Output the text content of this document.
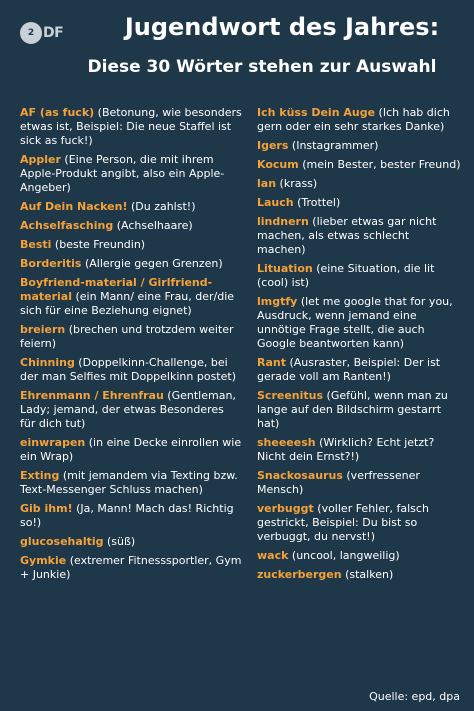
2 DF	Jugendwort des Jahres:
Diese 30 Wörter stehen zur Auswahl

AF (as fuck) (Betonung, wie besonders etwas ist, Beispiel: Die neue Staffel ist sick as fuck!)

Appler (Eine Person, die mit ihrem Apple-Produkt angibt, also ein Apple-Angeber)

Auf Dein Nacken! (Du zahlst!)

Achselfasching (Achselhaare)

Besti (beste Freundin)

Borderitis (Allergie gegen Grenzen)

Boyfriend-material / Girlfriend-material (ein Mann/ eine Frau, der/die sich für eine Beziehung eignet)

breiern (brechen und trotzdem weiter feiern)

Chinning (Doppelkinn-Challenge, bei der man Selfies mit Doppelkinn postet)

Ehrenmann / Ehrenfrau (Gentleman, Lady; jemand, der etwas Besonderes für dich tut)

einwrapen (in eine Decke einrollen wie ein Wrap)

Exting (mit jemandem via Texting bzw. Text-Messenger Schluss machen)

Gib ihm! (Ja, Mann! Mach das! Richtig so!)

glucosehaltig (süß)

Gymkie (extremer Fitnesssportler, Gym + Junkie)

Ich küss Dein Auge (Ich hab dich gern oder ein sehr starkes Danke)

Igers (Instagrammer)

Kocum (mein Bester, bester Freund)

lan (krass)

Lauch (Trottel)

lindnern (lieber etwas gar nicht machen, als etwas schlecht machen)

Lituation (eine Situation, die lit (cool) ist)

lmgtfy (let me google that for you, Ausdruck, wenn jemand eine unnötige Frage stellt, die auch Google beantworten kann)

Rant (Ausraster, Beispiel: Der ist gerade voll am Ranten!)

Screenitus (Gefühl, wenn man zu lange auf den Bildschirm gestarrt hat)

sheeeesh (Wirklich? Echt jetzt? Nicht dein Ernst?!)

Snackosaurus (verfressener Mensch)

verbuggt (voller Fehler, falsch gestrickt, Beispiel: Du bist so verbuggt, du nervst!)

wack (uncool, langweilig)

zuckerbergen (stalken)

Quelle: epd, dpa
